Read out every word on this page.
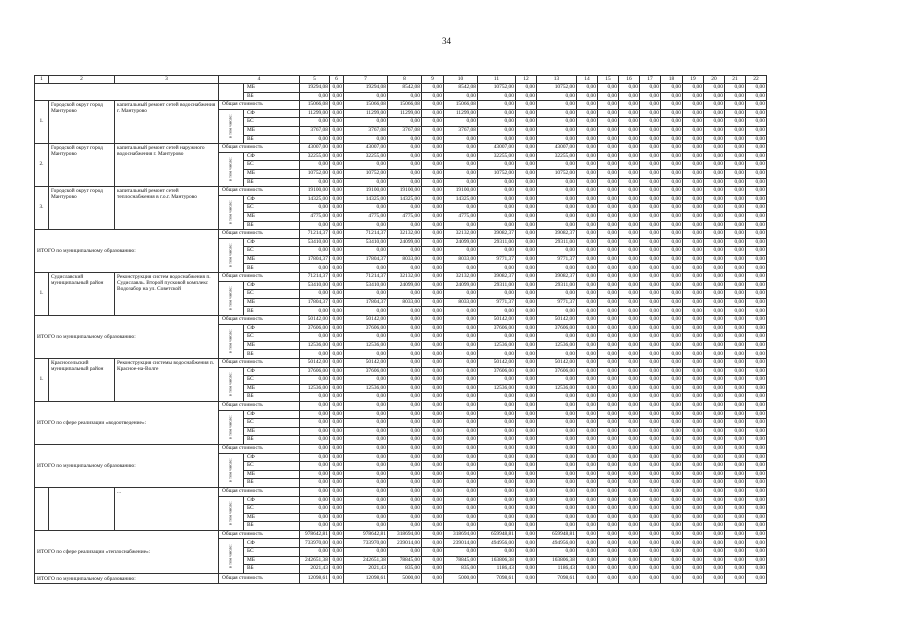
34
1	2	3	4		5	6	7	8	9	10	11	12	13	14	15	16	17	18	19	20	21	22
				МБ	19294,08	0,00	19294,08	8542,08	0,00	8542,08	10752,00	0,00	10752,00	0,00	0,00	0,00	0,00	0,00	0,00	0,00	0,00	0,00
				ВБ	0,00	0,00	0,00	0,00	0,00	0,00	0,00	0,00	0,00	0,00	0,00	0,00	0,00	0,00	0,00	0,00	0,00	0,00
1.	Городской округ город Мантурово	капитальный ремонт сетей водоснабжения г. Мантурово	Общая стоимость		15066,08	0,00	15066,08	15066,08	0,00	15066,08	0,00	0,00	0,00	0,00	0,00	0,00	0,00	0,00	0,00	0,00	0,00	0,00

			в том числе:	СФ	11299,00	0,00	11299,00	11299,00	0,00	11299,00	0,00	0,00	0,00	0,00	0,00	0,00	0,00	0,00	0,00	0,00	0,00	0,00
				БС	0,00	0,00	0,00	0,00	0,00	0,00	0,00	0,00	0,00	0,00	0,00	0,00	0,00	0,00	0,00	0,00	0,00	0,00
				МБ	3767,08	0,00	3767,08	3767,08	0,00	3767,08	0,00	0,00	0,00	0,00	0,00	0,00	0,00	0,00	0,00	0,00	0,00	0,00
				ВБ	0,00	0,00	0,00	0,00	0,00	0,00	0,00	0,00	0,00	0,00	0,00	0,00	0,00	0,00	0,00	0,00	0,00	0,00
2.	Городской округ город Мантурово	капитальный ремонт сетей наружного водоснабжения г. Мантурово	Общая стоимость		43007,00	0,00	43007,00	0,00	0,00	0,00	43007,00	0,00	43007,00	0,00	0,00	0,00	0,00	0,00	0,00	0,00	0,00	0,00

			в том числе:	СФ	32255,00	0,00	32255,00	0,00	0,00	0,00	32255,00	0,00	32255,00	0,00	0,00	0,00	0,00	0,00	0,00	0,00	0,00	0,00
				БС	0,00	0,00	0,00	0,00	0,00	0,00	0,00	0,00	0,00	0,00	0,00	0,00	0,00	0,00	0,00	0,00	0,00	0,00
				МБ	10752,00	0,00	10752,00	0,00	0,00	0,00	10752,00	0,00	10752,00	0,00	0,00	0,00	0,00	0,00	0,00	0,00	0,00	0,00
				ВБ	0,00	0,00	0,00	0,00	0,00	0,00	0,00	0,00	0,00	0,00	0,00	0,00	0,00	0,00	0,00	0,00	0,00	0,00
3.	Городской округ город Мантурово	капитальный ремонт сетей теплоснабжения в г.о.г. Мантурово	Общая стоимость		19100,00	0,00	19100,00	19100,00	0,00	19100,00	0,00	0,00	0,00	0,00	0,00	0,00	0,00	0,00	0,00	0,00	0,00	0,00

			в том числе:	СФ	14325,00	0,00	14325,00	14325,00	0,00	14325,00	0,00	0,00	0,00	0,00	0,00	0,00	0,00	0,00	0,00	0,00	0,00	0,00
				БС	0,00	0,00	0,00	0,00	0,00	0,00	0,00	0,00	0,00	0,00	0,00	0,00	0,00	0,00	0,00	0,00	0,00	0,00
				МБ	4775,00	0,00	4775,00	4775,00	0,00	4775,00	0,00	0,00	0,00	0,00	0,00	0,00	0,00	0,00	0,00	0,00	0,00	0,00
				ВБ	0,00	0,00	0,00	0,00	0,00	0,00	0,00	0,00	0,00	0,00	0,00	0,00	0,00	0,00	0,00	0,00	0,00	0,00
ИТОГО по муниципальному образованию:			Общая стоимость		71214,37	0,00	71214,37	32132,00	0,00	32132,00	39082,37	0,00	39082,37	0,00	0,00	0,00	0,00	0,00	0,00	0,00	0,00	0,00

			в том числе:	СФ	53410,00	0,00	53410,00	24099,00	0,00	24099,00	29311,00	0,00	29311,00	0,00	0,00	0,00	0,00	0,00	0,00	0,00	0,00	0,00
				БС	0,00	0,00	0,00	0,00	0,00	0,00	0,00	0,00	0,00	0,00	0,00	0,00	0,00	0,00	0,00	0,00	0,00	0,00
				МБ	17804,37	0,00	17804,37	8033,00	0,00	8033,00	9771,37	0,00	9771,37	0,00	0,00	0,00	0,00	0,00	0,00	0,00	0,00	0,00
				ВБ	0,00	0,00	0,00	0,00	0,00	0,00	0,00	0,00	0,00	0,00	0,00	0,00	0,00	0,00	0,00	0,00	0,00	0,00
1.	Судиславский муниципальный район	Реконструкция систем водоснабжения п. Судиславль. Второй пусковой комплекс Водозабор на ул. Советской	Общая стоимость		71214,37	0,00	71214,37	32132,00	0,00	32132,00	39082,37	0,00	39082,37	0,00	0,00	0,00	0,00	0,00	0,00	0,00	0,00	0,00

			в том числе:	СФ	53410,00	0,00	53410,00	24099,00	0,00	24099,00	29311,00	0,00	29311,00	0,00	0,00	0,00	0,00	0,00	0,00	0,00	0,00	0,00
				БС	0,00	0,00	0,00	0,00	0,00	0,00	0,00	0,00	0,00	0,00	0,00	0,00	0,00	0,00	0,00	0,00	0,00	0,00
				МБ	17804,37	0,00	17804,37	8033,00	0,00	8033,00	9771,37	0,00	9771,37	0,00	0,00	0,00	0,00	0,00	0,00	0,00	0,00	0,00
				ВБ	0,00	0,00	0,00	0,00	0,00	0,00	0,00	0,00	0,00	0,00	0,00	0,00	0,00	0,00	0,00	0,00	0,00	0,00
ИТОГО по муниципальному образованию:			Общая стоимость		50142,00	0,00	50142,00	0,00	0,00	0,00	50142,00	0,00	50142,00	0,00	0,00	0,00	0,00	0,00	0,00	0,00	0,00	0,00

			в том числе:	СФ	37606,00	0,00	37606,00	0,00	0,00	0,00	37606,00	0,00	37606,00	0,00	0,00	0,00	0,00	0,00	0,00	0,00	0,00	0,00
				БС	0,00	0,00	0,00	0,00	0,00	0,00	0,00	0,00	0,00	0,00	0,00	0,00	0,00	0,00	0,00	0,00	0,00	0,00
				МБ	12536,00	0,00	12536,00	0,00	0,00	0,00	12536,00	0,00	12536,00	0,00	0,00	0,00	0,00	0,00	0,00	0,00	0,00	0,00
				ВБ	0,00	0,00	0,00	0,00	0,00	0,00	0,00	0,00	0,00	0,00	0,00	0,00	0,00	0,00	0,00	0,00	0,00	0,00
1.	Красносельский муниципальный район	Реконструкция системы водоснабжения п. Красное-на-Волге	Общая стоимость		50142,00	0,00	50142,00	0,00	0,00	0,00	50142,00	0,00	50142,00	0,00	0,00	0,00	0,00	0,00	0,00	0,00	0,00	0,00

			в том числе:	СФ	37606,00	0,00	37606,00	0,00	0,00	0,00	37606,00	0,00	37606,00	0,00	0,00	0,00	0,00	0,00	0,00	0,00	0,00	0,00
				БС	0,00	0,00	0,00	0,00	0,00	0,00	0,00	0,00	0,00	0,00	0,00	0,00	0,00	0,00	0,00	0,00	0,00	0,00
				МБ	12536,00	0,00	12536,00	0,00	0,00	0,00	12536,00	0,00	12536,00	0,00	0,00	0,00	0,00	0,00	0,00	0,00	0,00	0,00
				ВБ	0,00	0,00	0,00	0,00	0,00	0,00	0,00	0,00	0,00	0,00	0,00	0,00	0,00	0,00	0,00	0,00	0,00	0,00
ИТОГО по сфере реализации «водоотведение»:			Общая стоимость		0,00	0,00	0,00	0,00	0,00	0,00	0,00	0,00	0,00	0,00	0,00	0,00	0,00	0,00	0,00	0,00	0,00	0,00

			в том числе:	СФ	0,00	0,00	0,00	0,00	0,00	0,00	0,00	0,00	0,00	0,00	0,00	0,00	0,00	0,00	0,00	0,00	0,00	0,00
				БС	0,00	0,00	0,00	0,00	0,00	0,00	0,00	0,00	0,00	0,00	0,00	0,00	0,00	0,00	0,00	0,00	0,00	0,00
				МБ	0,00	0,00	0,00	0,00	0,00	0,00	0,00	0,00	0,00	0,00	0,00	0,00	0,00	0,00	0,00	0,00	0,00	0,00
				ВБ	0,00	0,00	0,00	0,00	0,00	0,00	0,00	0,00	0,00	0,00	0,00	0,00	0,00	0,00	0,00	0,00	0,00	0,00
ИТОГО по муниципальному образованию:			Общая стоимость		0,00	0,00	0,00	0,00	0,00	0,00	0,00	0,00	0,00	0,00	0,00	0,00	0,00	0,00	0,00	0,00	0,00	0,00

			в том числе:	СФ	0,00	0,00	0,00	0,00	0,00	0,00	0,00	0,00	0,00	0,00	0,00	0,00	0,00	0,00	0,00	0,00	0,00	0,00
				БС	0,00	0,00	0,00	0,00	0,00	0,00	0,00	0,00	0,00	0,00	0,00	0,00	0,00	0,00	0,00	0,00	0,00	0,00
				МБ	0,00	0,00	0,00	0,00	0,00	0,00	0,00	0,00	0,00	0,00	0,00	0,00	0,00	0,00	0,00	0,00	0,00	0,00
				ВБ	0,00	0,00	0,00	0,00	0,00	0,00	0,00	0,00	0,00	0,00	0,00	0,00	0,00	0,00	0,00	0,00	0,00	0,00
		...	Общая стоимость		0,00	0,00	0,00	0,00	0,00	0,00	0,00	0,00	0,00	0,00	0,00	0,00	0,00	0,00	0,00	0,00	0,00	0,00

			в том числе:	СФ	0,00	0,00	0,00	0,00	0,00	0,00	0,00	0,00	0,00	0,00	0,00	0,00	0,00	0,00	0,00	0,00	0,00	0,00
				БС	0,00	0,00	0,00	0,00	0,00	0,00	0,00	0,00	0,00	0,00	0,00	0,00	0,00	0,00	0,00	0,00	0,00	0,00
				МБ	0,00	0,00	0,00	0,00	0,00	0,00	0,00	0,00	0,00	0,00	0,00	0,00	0,00	0,00	0,00	0,00	0,00	0,00
				ВБ	0,00	0,00	0,00	0,00	0,00	0,00	0,00	0,00	0,00	0,00	0,00	0,00	0,00	0,00	0,00	0,00	0,00	0,00
ИТОГО по сфере реализации «теплоснабжение»:			Общая стоимость		978642,81	0,00	978642,81	318694,00	0,00	318694,00	659948,81	0,00	659948,81	0,00	0,00	0,00	0,00	0,00	0,00	0,00	0,00	0,00

			в том числе:	СФ	733970,00	0,00	733970,00	239014,00	0,00	239014,00	494956,00	0,00	494956,00	0,00	0,00	0,00	0,00	0,00	0,00	0,00	0,00	0,00
				БС	0,00	0,00	0,00	0,00	0,00	0,00	0,00	0,00	0,00	0,00	0,00	0,00	0,00	0,00	0,00	0,00	0,00	0,00
				МБ	242651,38	0,00	242651,38	78845,00	0,00	78845,00	163806,38	0,00	163806,38	0,00	0,00	0,00	0,00	0,00	0,00	0,00	0,00	0,00
				ВБ	2021,43	0,00	2021,43	835,00	0,00	835,00	1186,43	0,00	1186,43	0,00	0,00	0,00	0,00	0,00	0,00	0,00	0,00	0,00
ИТОГО по муниципальному образованию:			Общая стоимость		12098,61	0,00	12098,61	5000,00	0,00	5000,00	7098,61	0,00	7098,61	0,00	0,00	0,00	0,00	0,00	0,00	0,00	0,00	0,00
